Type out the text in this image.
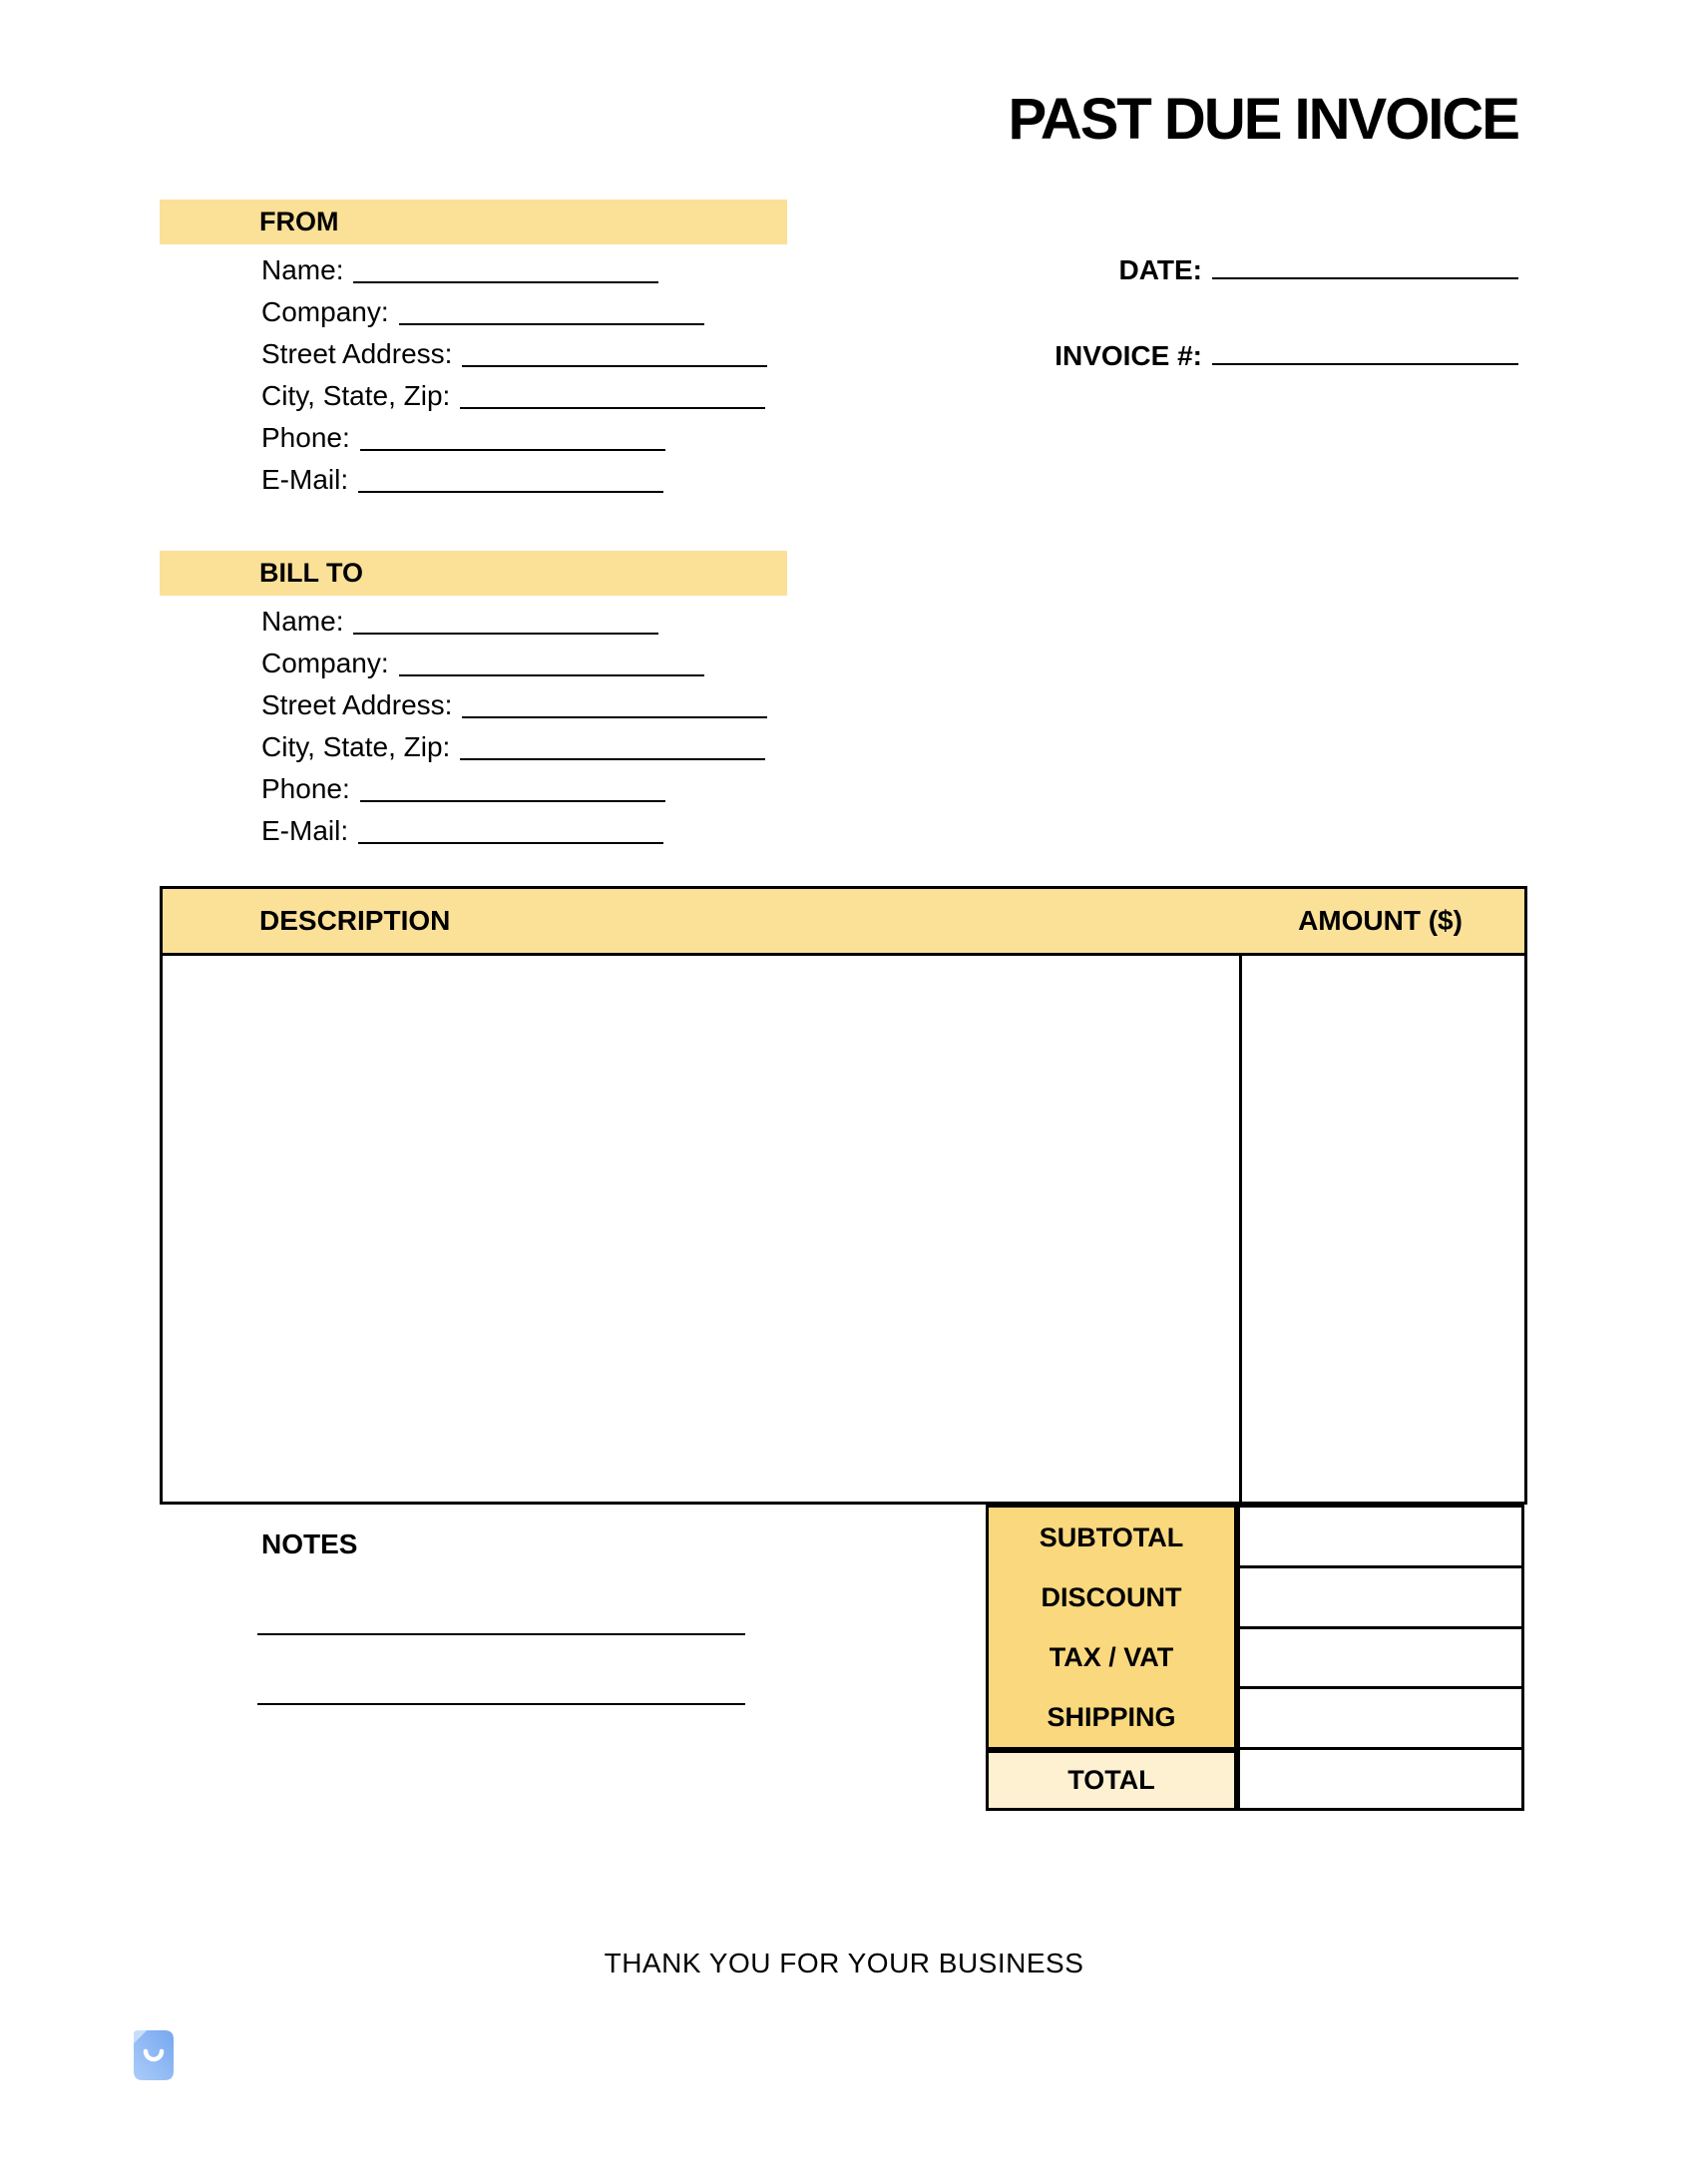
PAST DUE INVOICE
DATE:
INVOICE #:
FROM
Name:
Company:
Street Address:
City, State, Zip:
Phone:
E-Mail:
BILL TO
Name:
Company:
Street Address:
City, State, Zip:
Phone:
E-Mail:
DESCRIPTION	AMOUNT ($)
SUBTOTAL
DISCOUNT
TAX / VAT
SHIPPING
TOTAL
NOTES
THANK YOU FOR YOUR BUSINESS
